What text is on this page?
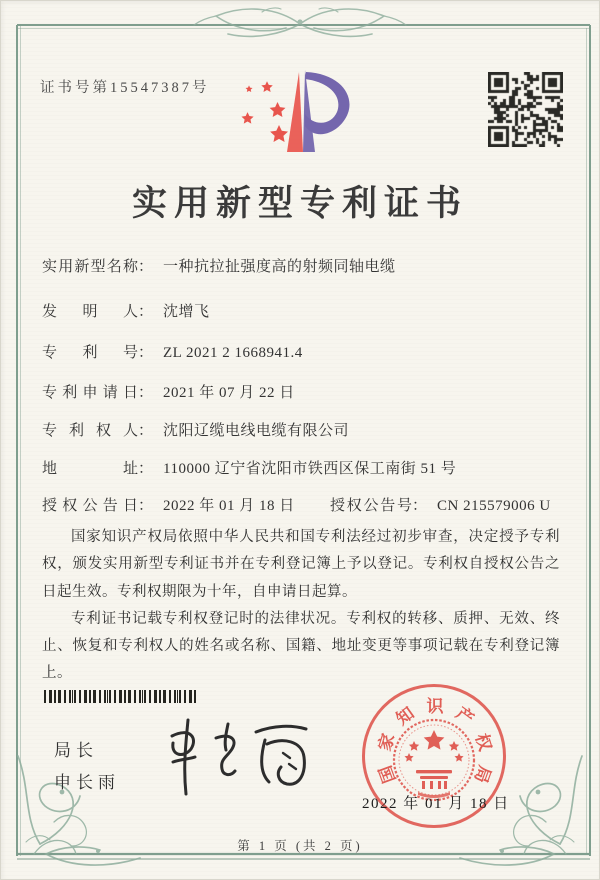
证书号第15547387号
实用新型专利证书
实用新型名称： 一种抗拉扯强度高的射频同轴电缆
发明人： 沈增飞
专利号： ZL 2021 2 1668941.4
专利申请日： 2021 年 07 月 22 日
专利权人： 沈阳辽缆电线电缆有限公司
地址： 110000 辽宁省沈阳市铁西区保工南街 51 号
授权公告日： 2022 年 01 月 18 日 授权公告号： CN 215579006 U

国家知识产权局依照中华人民共和国专利法经过初步审查，决定授予专利权，颁发实用新型专利证书并在专利登记簿上予以登记。专利权自授权公告之日起生效。专利权期限为十年，自申请日起算。

专利证书记载专利权登记时的法律状况。专利权的转移、质押、无效、终止、恢复和专利权人的姓名或名称、国籍、地址变更等事项记载在专利登记簿上。

局长
申长雨	国
家
知 识 产
权
局
2022 年 01 月 18 日
第 1 页 (共 2 页)
